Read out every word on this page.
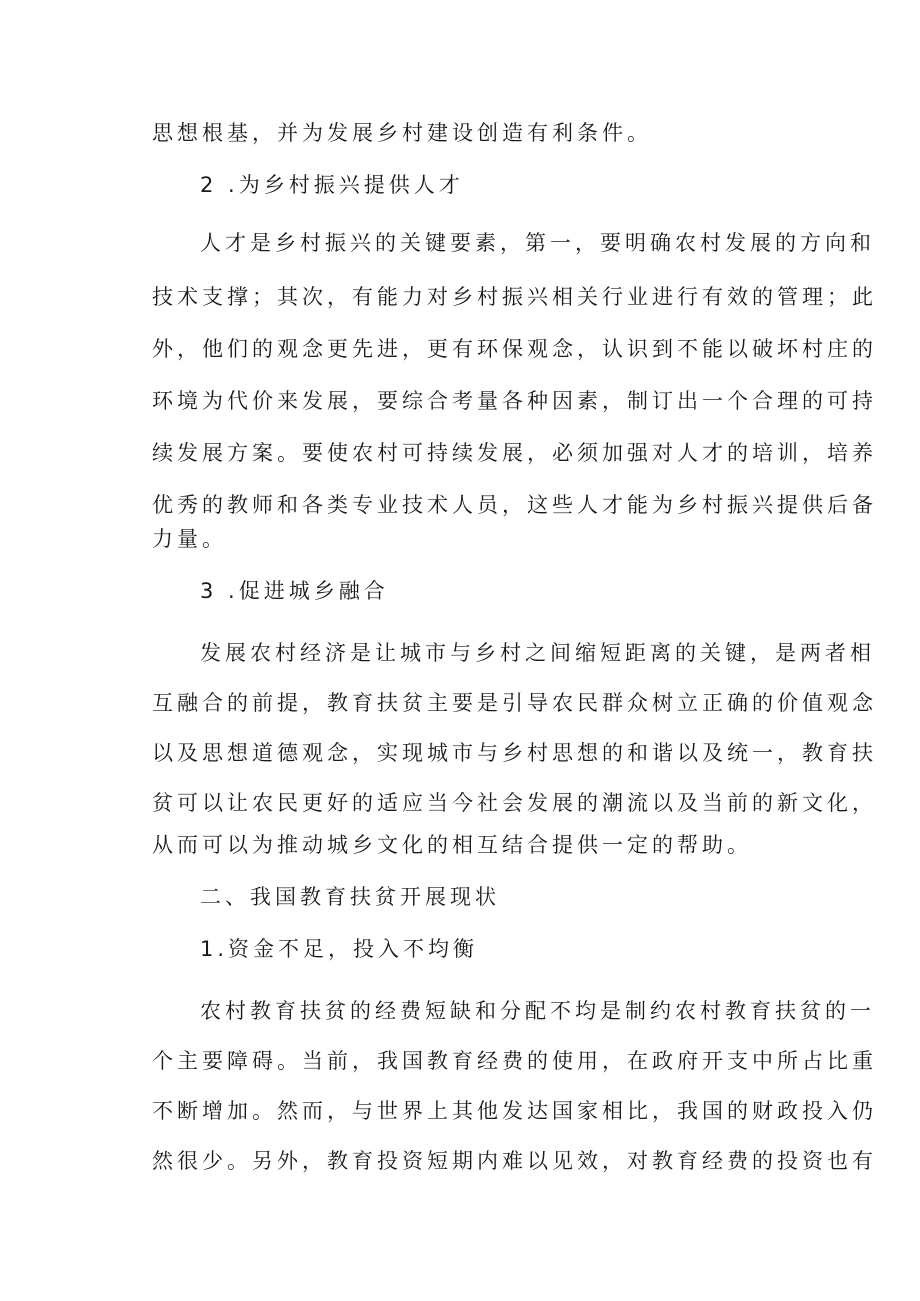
思想根基，并为发展乡村建设创造有利条件。

2 .为乡村振兴提供人才

人才是乡村振兴的关键要素，第一，要明确农村发展的方向和

技术支撑；其次，有能力对乡村振兴相关行业进行有效的管理；此

外，他们的观念更先进，更有环保观念，认识到不能以破坏村庄的

环境为代价来发展，要综合考量各种因素，制订出一个合理的可持

续发展方案。要使农村可持续发展，必须加强对人才的培训，培养

优秀的教师和各类专业技术人员，这些人才能为乡村振兴提供后备

力量。

3 .促进城乡融合

发展农村经济是让城市与乡村之间缩短距离的关键，是两者相

互融合的前提，教育扶贫主要是引导农民群众树立正确的价值观念

以及思想道德观念，实现城市与乡村思想的和谐以及统一，教育扶

贫可以让农民更好的适应当今社会发展的潮流以及当前的新文化，

从而可以为推动城乡文化的相互结合提供一定的帮助。

二、我国教育扶贫开展现状

1.资金不足，投入不均衡

农村教育扶贫的经费短缺和分配不均是制约农村教育扶贫的一

个主要障碍。当前，我国教育经费的使用，在政府开支中所占比重

不断增加。然而，与世界上其他发达国家相比，我国的财政投入仍

然很少。另外，教育投资短期内难以见效，对教育经费的投资也有
